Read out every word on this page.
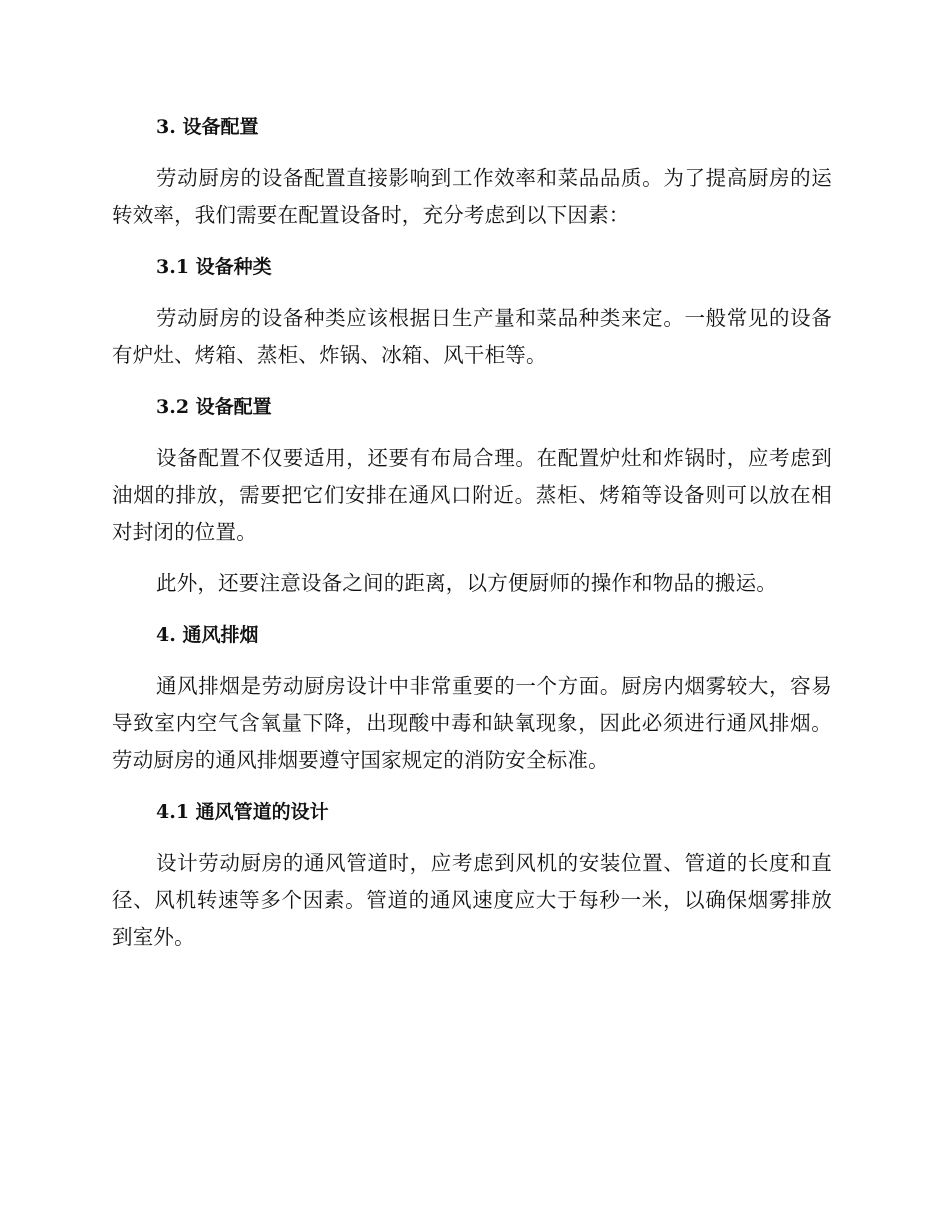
3. 设备配置

劳动厨房的设备配置直接影响到工作效率和菜品品质。为了提高厨房的运转效率，我们需要在配置设备时，充分考虑到以下因素：

3.1 设备种类

劳动厨房的设备种类应该根据日生产量和菜品种类来定。一般常见的设备有炉灶、烤箱、蒸柜、炸锅、冰箱、风干柜等。

3.2 设备配置

设备配置不仅要适用，还要有布局合理。在配置炉灶和炸锅时，应考虑到油烟的排放，需要把它们安排在通风口附近。蒸柜、烤箱等设备则可以放在相对封闭的位置。

此外，还要注意设备之间的距离，以方便厨师的操作和物品的搬运。

4. 通风排烟

通风排烟是劳动厨房设计中非常重要的一个方面。厨房内烟雾较大，容易导致室内空气含氧量下降，出现酸中毒和缺氧现象，因此必须进行通风排烟。劳动厨房的通风排烟要遵守国家规定的消防安全标准。

4.1 通风管道的设计

设计劳动厨房的通风管道时，应考虑到风机的安装位置、管道的长度和直径、风机转速等多个因素。管道的通风速度应大于每秒一米，以确保烟雾排放到室外。
